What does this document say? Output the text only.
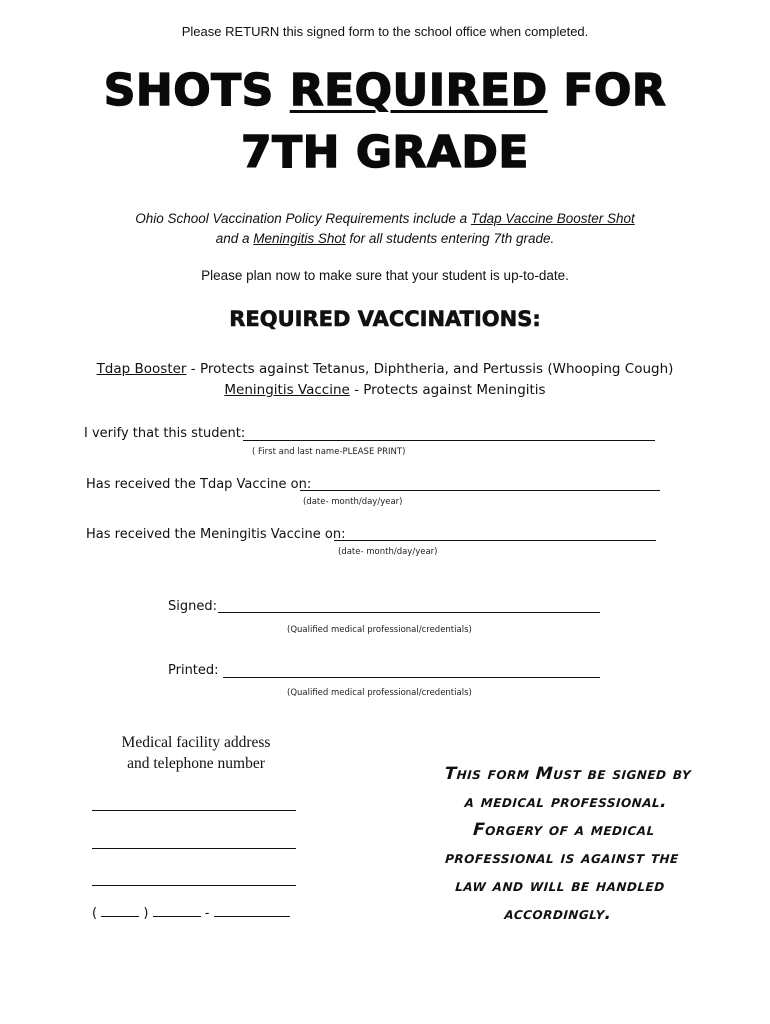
Please RETURN this signed form to the school office when completed.
SHOTS REQUIRED FOR
7TH GRADE
Ohio School Vaccination Policy Requirements include a Tdap Vaccine Booster Shot
and a Meningitis Shot for all students entering 7th grade.
Please plan now to make sure that your student is up-to-date.
REQUIRED VACCINATIONS:
Tdap Booster - Protects against Tetanus, Diphtheria, and Pertussis (Whooping Cough)
Meningitis Vaccine - Protects against Meningitis
I verify that this student:
( First and last name-PLEASE PRINT)
Has received the Tdap Vaccine on:
(date- month/day/year)
Has received the Meningitis Vaccine on:
(date- month/day/year)
Signed:
(Qualified medical professional/credentials)
Printed:
(Qualified medical professional/credentials)
Medical facility address
and telephone number
(	)	-
This form Must be signed by
a medical professional.
Forgery of a medical
professional is against the
law and will be handled
accordingly.
